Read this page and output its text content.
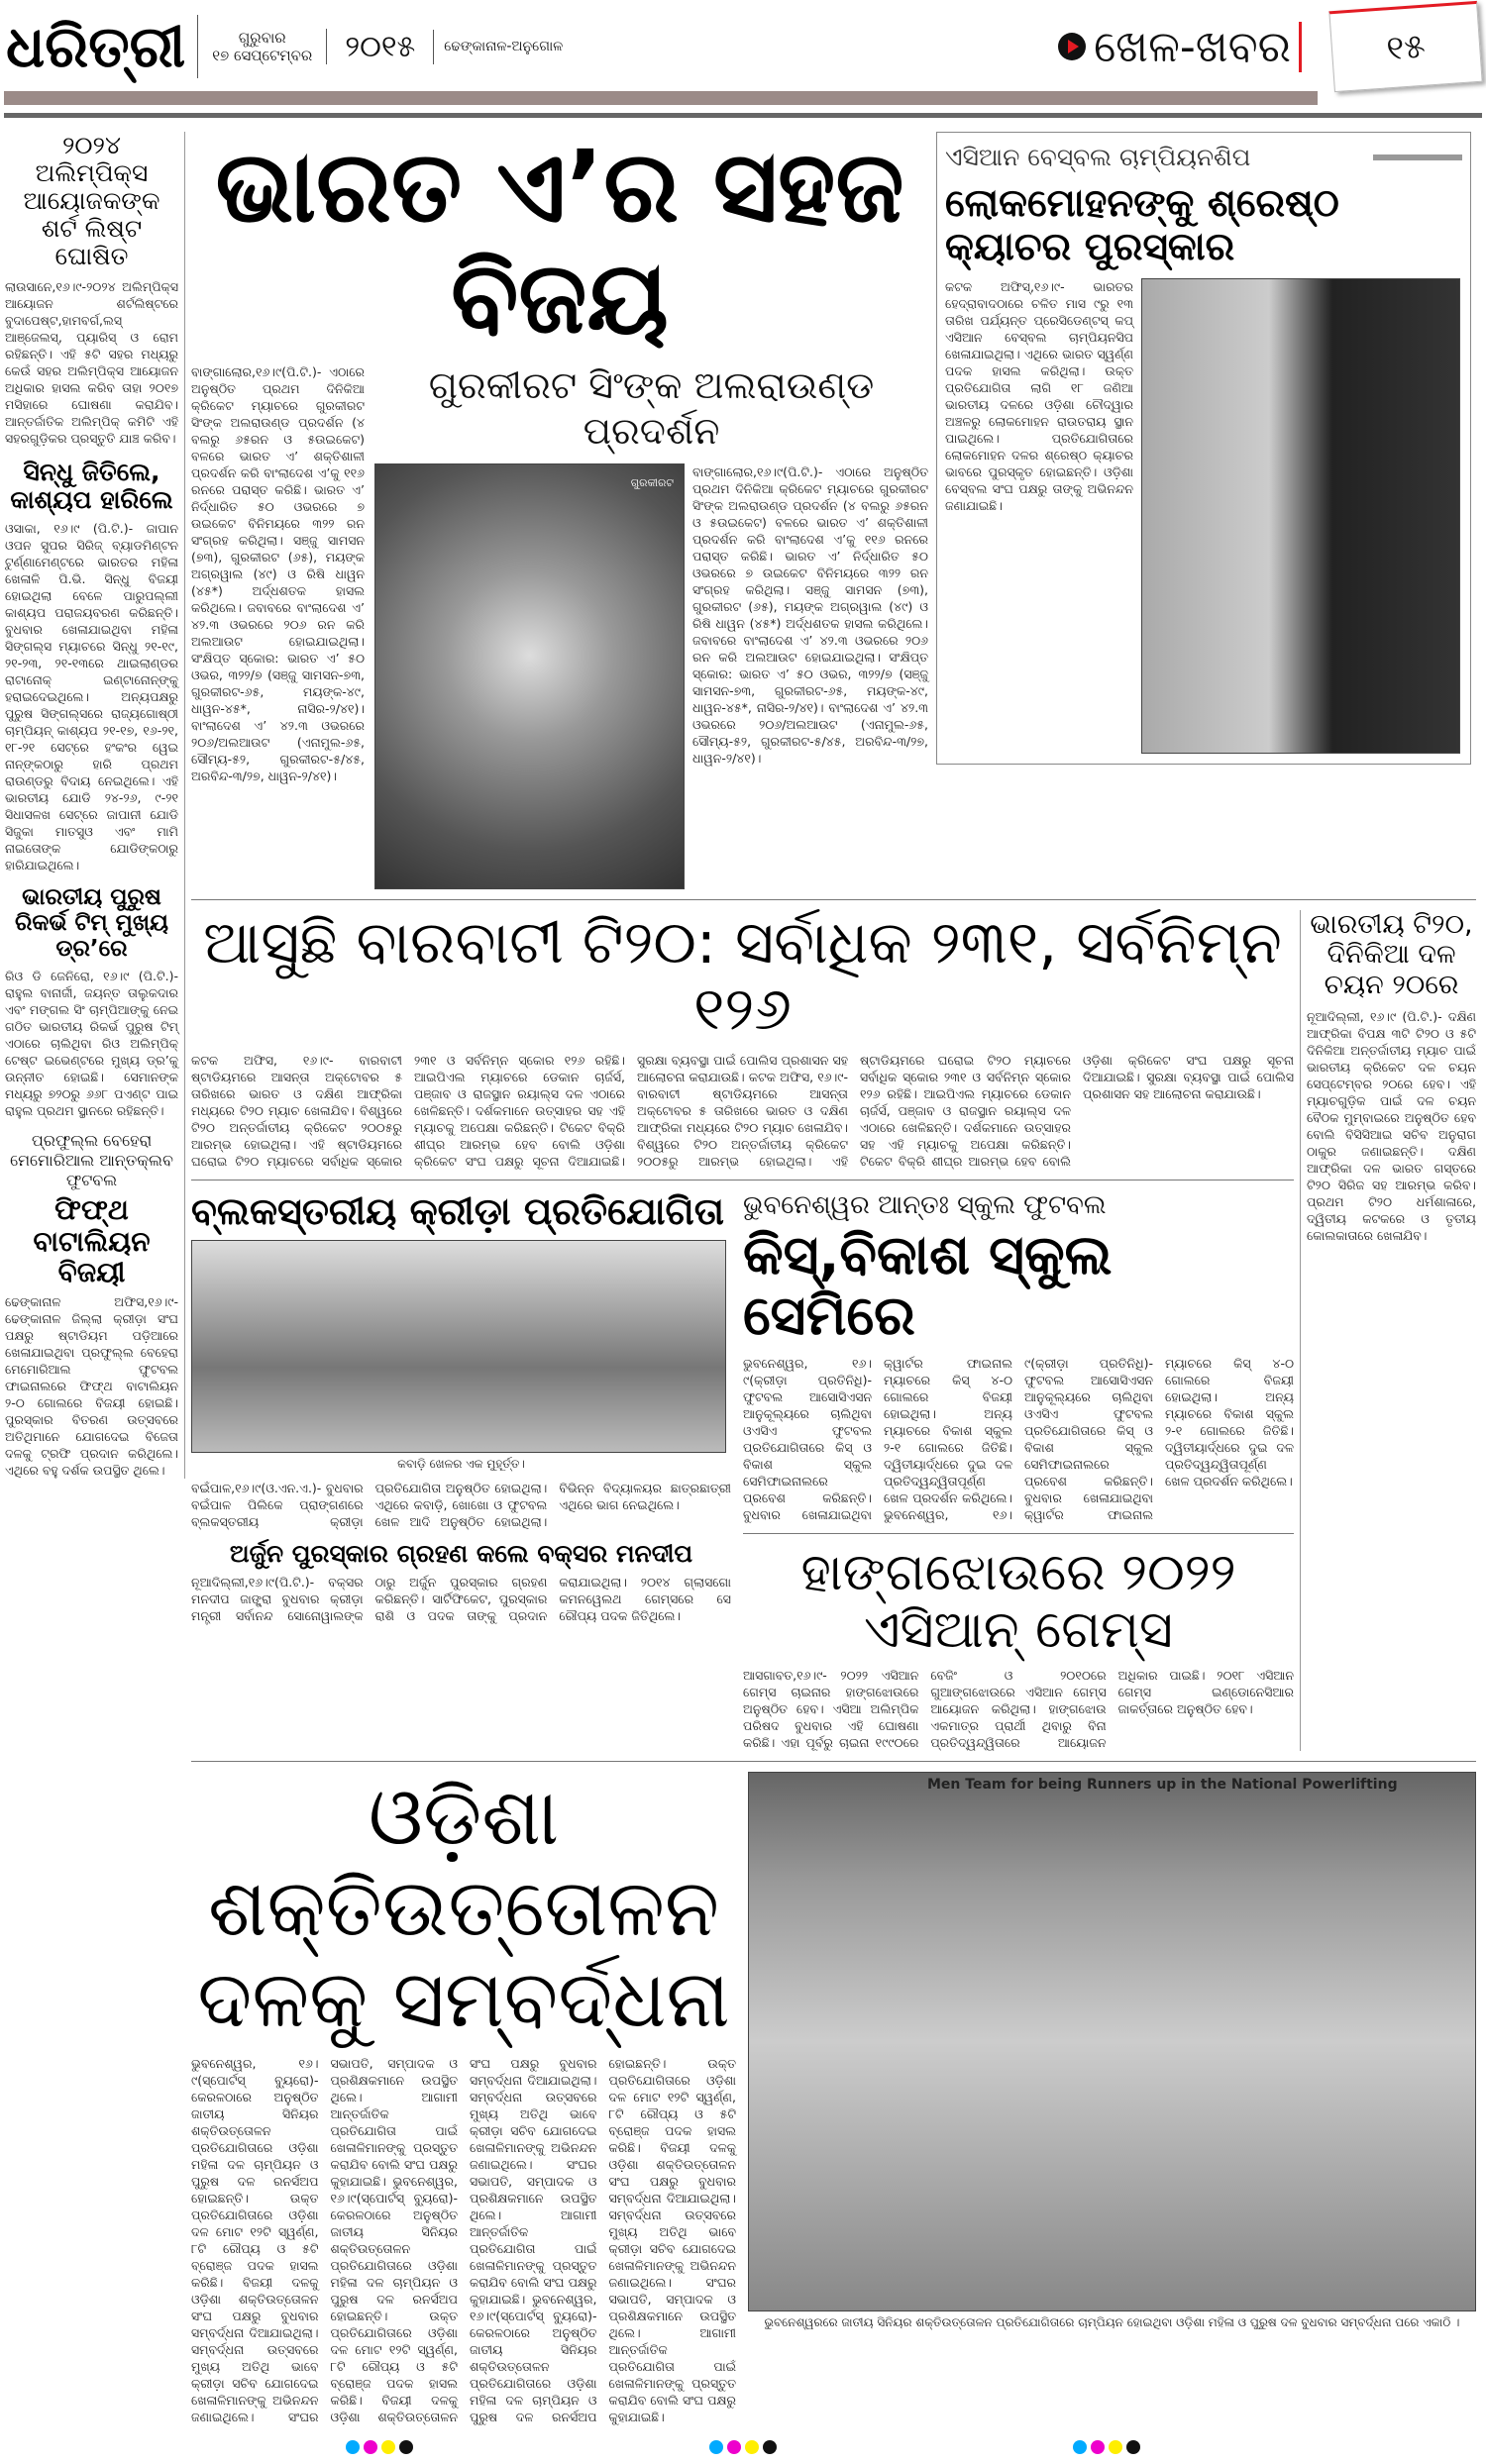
ଧରିତ୍ରୀ	ଗୁରୁବାର
୧୭ ସେପ୍ଟେମ୍ବର	୨୦୧୫	ଢେଙ୍କାନାଳ-ଅନୁଗୋଳ	ଖେଳ-ଖବର	୧୫
୨୦୨୪ ଅଲିମ୍ପିକ୍ସ ଆୟୋଜକଙ୍କ ଶର୍ଟ ଲିଷ୍ଟ ଘୋଷିତ
ଲାଉସାନେ,୧୬।୯-୨୦୨୪ ଅଲିମ୍ପିକ୍ସ ଆୟୋଜନ ଶର୍ଟଲିଷ୍ଟରେ ବୁଦାପେଷ୍ଟ,ହାମବର୍ଗ,ଲସ୍ ଆଞ୍ଜେଲସ୍, ପ୍ୟାରିସ୍ ଓ ରୋମ ରହିଛନ୍ତି। ଏହି ୫ଟି ସହର ମଧ୍ୟରୁ କେଉଁ ସହର ଅଲିମ୍ପିକ୍ସ ଆୟୋଜନ ଅଧିକାର ହାସଲ କରିବ ତାହା ୨୦୧୭ ମସିହାରେ ଘୋଷଣା କରାଯିବ। ଆନ୍ତର୍ଜାତିକ ଅଲିମ୍ପିକ୍ କମିଟି ଏହି ସହରଗୁଡ଼ିକର ପ୍ରସ୍ତୁତି ଯାଞ୍ଚ କରିବ।
ସିନ୍ଧୁ ଜିତିଲେ, କାଶ୍ୟପ ହାରିଲେ
ଓସାକା, ୧୬।୯ (ପି.ଟି.)- ଜାପାନ ଓପନ ସୁପର ସିରିଜ୍ ବ୍ୟାଡମିଣ୍ଟନ ଟୁର୍ଣ୍ଣାମେଣ୍ଟରେ ଭାରତର ମହିଳା ଖେଳାଳି ପି.ଭି. ସିନ୍ଧୁ ବିଜୟୀ ହୋଇଥିଲା ବେଳେ ପାରୁପଲ୍ଲୀ କାଶ୍ୟପ ପରାଜୟବରଣ କରିଛନ୍ତି। ବୁଧବାର ଖେଳାଯାଇଥିବା ମହିଳା ସିଙ୍ଗଲ୍ସ ମ୍ୟାଚରେ ସିନ୍ଧୁ ୨୧-୧୯, ୨୧-୨୩, ୨୧-୧୩ରେ ଥାଇଲାଣ୍ଡର ରାଟାନୋକ୍ ଇଣ୍ଟାନୋନ୍‌ଙ୍କୁ ହରାଇଦେଇଥିଲେ। ଅନ୍ୟପକ୍ଷରୁ ପୁରୁଷ ସିଙ୍ଗଲ୍ସରେ ରାଜ୍ୟଗୋଷ୍ଠୀ ଚାମ୍ପିୟନ୍ କାଶ୍ୟପ ୨୧-୧୭, ୧୬-୨୧, ୧୮-୨୧ ସେଟ୍‌ରେ ହଂକଂର ୱେଇ ନାନ୍‌ଙ୍କଠାରୁ ହାରି ପ୍ରଥମ ରାଉଣ୍ଡରୁ ବିଦାୟ ନେଇଥିଲେ। ଏହି ଭାରତୀୟ ଯୋଡି ୨୪-୨୬, ୯-୨୧ ସିଧାସଳଖ ସେଟ୍‌ରେ ଜାପାନୀ ଯୋଡି ସିଜୁକା ମାତସୁଓ ଏବଂ ମାମି ନାଇତୋଙ୍କ ଯୋଡିଙ୍କଠାରୁ ହାରିଯାଇଥିଲେ।
ଭାରତୀୟ ପୁରୁଷ ରିକର୍ଭ ଟିମ୍ ମୁଖ୍ୟ ଡ୍ର’ରେ
ରିଓ ଡି ଜେନିରୋ, ୧୬।୯ (ପି.ଟି.)- ରାହୁଲ ବାନାର୍ଜୀ, ଜୟନ୍ତ ତାଲୁକଦାର ଏବଂ ମଙ୍ଗଲ ସିଂ ଚାମ୍ପିଆଙ୍କୁ ନେଇ ଗଠିତ ଭାରତୀୟ ରିକର୍ଭ ପୁରୁଷ ଟିମ୍ ଏଠାରେ ଚାଲିଥିବା ରିଓ ଅଲିମ୍ପିକ୍ ଟେଷ୍ଟ ଇଭେଣ୍ଟରେ ମୁଖ୍ୟ ଡ୍ର’କୁ ଉନ୍ନୀତ ହୋଇଛି। ସେମାନଙ୍କ ମଧ୍ୟରୁ ୭୨୦ରୁ ୬୬୮ ପଏଣ୍ଟ ପାଇ ରାହୁଲ ପ୍ରଥମ ସ୍ଥାନରେ ରହିଛନ୍ତି।
ପ୍ରଫୁଲ୍ଲ ବେହେରା ମେମୋରିଆଲ ଆନ୍ତକ୍ଲବ ଫୁଟବଲ
ଫିଫ୍ଥ ବାଟାଲିୟନ ବିଜୟୀ
ଢେଙ୍କାନାଳ ଅଫିସ,୧୬।୯- ଢେଙ୍କାନାଳ ଜିଲ୍ଲା କ୍ରୀଡ଼ା ସଂଘ ପକ୍ଷରୁ ଷ୍ଟାଡିୟମ ପଡ଼ିଆରେ ଖେଳାଯାଇଥିବା ପ୍ରଫୁଲ୍ଲ ବେହେରା ମେମୋରିଆଲ ଫୁଟବଲ ଫାଇନାଲରେ ଫିଫ୍ଥ ବାଟାଲିୟନ ୨-୦ ଗୋଲରେ ବିଜୟୀ ହୋଇଛି। ପୁରସ୍କାର ବିତରଣ ଉତ୍ସବରେ ଅତିଥିମାନେ ଯୋଗଦେଇ ବିଜେତା ଦଳକୁ ଟ୍ରଫି ପ୍ରଦାନ କରିଥିଲେ। ଏଥିରେ ବହୁ ଦର୍ଶକ ଉପସ୍ଥିତ ଥିଲେ।
ଭାରତ ଏ’ର ସହଜ ବିଜୟ
ବାଙ୍ଗାଲୋର,୧୬।୯(ପି.ଟି.)- ଏଠାରେ ଅନୁଷ୍ଠିତ ପ୍ରଥମ ଦିନିକିଆ କ୍ରିକେଟ ମ୍ୟାଚରେ ଗୁରକୀରଟ ସିଂଙ୍କ ଅଲରାଉଣ୍ଡ ପ୍ରଦର୍ଶନ (୪ ବଲରୁ ୬୫ରନ ଓ ୫ଉଇକେଟ) ବଳରେ ଭାରତ ଏ’ ଶକ୍ତିଶାଳୀ ପ୍ରଦର୍ଶନ କରି ବାଂଲାଦେଶ ଏ’କୁ ୧୧୬ ରନରେ ପରାସ୍ତ କରିଛି। ଭାରତ ଏ’ ନିର୍ଦ୍ଧାରିତ ୫୦ ଓଭରରେ ୭ ଉଇକେଟ ବିନିମୟରେ ୩୨୨ ରନ ସଂଗ୍ରହ କରିଥିଲା। ସଞ୍ଜୁ ସାମସନ (୭୩), ଗୁରକୀରଟ (୬୫), ମୟଙ୍କ ଅଗ୍ରୱାଲ (୪୯) ଓ ରିଷି ଧାୱନ (୪୫*) ଅର୍ଦ୍ଧଶତକ ହାସଲ କରିଥିଲେ। ଜବାବରେ ବାଂଲାଦେଶ ଏ’ ୪୨.୩ ଓଭରରେ ୨୦୬ ରନ କରି ଅଲଆଉଟ ହୋଇଯାଇଥିଲା। ସଂକ୍ଷିପ୍ତ ସ୍କୋର: ଭାରତ ଏ’ ୫୦ ଓଭର, ୩୨୨/୭ (ସଞ୍ଜୁ ସାମସନ-୭୩, ଗୁରକୀରଟ-୬୫, ମୟଙ୍କ-୪୯, ଧାୱନ-୪୫*, ନାସିର-୨/୪୧)। ବାଂଲାଦେଶ ଏ’ ୪୨.୩ ଓଭରରେ ୨୦୬/ଅଲଆଉଟ (ଏନାମୁଲ-୬୫, ସୌମ୍ୟ-୫୨, ଗୁରକୀରଟ-୫/୪୫, ଅରବିନ୍ଦ-୩/୨୭, ଧାୱନ-୨/୪୧)।
ଗୁରକୀରଟ ସିଂଙ୍କ ଅଲରାଉଣ୍ଡ ପ୍ରଦର୍ଶନ
ଗୁରକୀରଟ
ବାଙ୍ଗାଲୋର,୧୬।୯(ପି.ଟି.)- ଏଠାରେ ଅନୁଷ୍ଠିତ ପ୍ରଥମ ଦିନିକିଆ କ୍ରିକେଟ ମ୍ୟାଚରେ ଗୁରକୀରଟ ସିଂଙ୍କ ଅଲରାଉଣ୍ଡ ପ୍ରଦର୍ଶନ (୪ ବଲରୁ ୬୫ରନ ଓ ୫ଉଇକେଟ) ବଳରେ ଭାରତ ଏ’ ଶକ୍ତିଶାଳୀ ପ୍ରଦର୍ଶନ କରି ବାଂଲାଦେଶ ଏ’କୁ ୧୧୬ ରନରେ ପରାସ୍ତ କରିଛି। ଭାରତ ଏ’ ନିର୍ଦ୍ଧାରିତ ୫୦ ଓଭରରେ ୭ ଉଇକେଟ ବିନିମୟରେ ୩୨୨ ରନ ସଂଗ୍ରହ କରିଥିଲା। ସଞ୍ଜୁ ସାମସନ (୭୩), ଗୁରକୀରଟ (୬୫), ମୟଙ୍କ ଅଗ୍ରୱାଲ (୪୯) ଓ ରିଷି ଧାୱନ (୪୫*) ଅର୍ଦ୍ଧଶତକ ହାସଲ କରିଥିଲେ। ଜବାବରେ ବାଂଲାଦେଶ ଏ’ ୪୨.୩ ଓଭରରେ ୨୦୬ ରନ କରି ଅଲଆଉଟ ହୋଇଯାଇଥିଲା। ସଂକ୍ଷିପ୍ତ ସ୍କୋର: ଭାରତ ଏ’ ୫୦ ଓଭର, ୩୨୨/୭ (ସଞ୍ଜୁ ସାମସନ-୭୩, ଗୁରକୀରଟ-୬୫, ମୟଙ୍କ-୪୯, ଧାୱନ-୪୫*, ନାସିର-୨/୪୧)। ବାଂଲାଦେଶ ଏ’ ୪୨.୩ ଓଭରରେ ୨୦୬/ଅଲଆଉଟ (ଏନାମୁଲ-୬୫, ସୌମ୍ୟ-୫୨, ଗୁରକୀରଟ-୫/୪୫, ଅରବିନ୍ଦ-୩/୨୭, ଧାୱନ-୨/୪୧)।
ଏସିଆନ ବେସ୍‌ବଲ ଚାମ୍ପିୟନଶିପ
ଲୋକମୋହନଙ୍କୁ ଶ୍ରେଷ୍ଠ କ୍ୟାଚର ପୁରସ୍କାର
କଟକ ଅଫିସ୍,୧୬।୯- ଭାରତର ହେଦ୍ରାବାଦଠାରେ ଚଳିତ ମାସ ୯ରୁ ୧୩ ତାରିଖ ପର୍ଯ୍ୟନ୍ତ ପ୍ରେସିଡେଣ୍ଟସ୍ କପ୍ ଏସିଆନ ବେସ୍‌ବଲ ଚାମ୍ପିୟନସିପ ଖେଳାଯାଇଥିଲା। ଏଥିରେ ଭାରତ ସ୍ୱର୍ଣ୍ଣ ପଦକ ହାସଲ କରିଥିଲା। ଉକ୍ତ ପ୍ରତିଯୋଗିତା ଲାଗି ୧୮ ଜଣିଆ ଭାରତୀୟ ଦଳରେ ଓଡ଼ିଶା ଚୌଦ୍ୱାର ଅଞ୍ଚଳରୁ ଲୋକମୋହନ ରାଉତରାୟ ସ୍ଥାନ ପାଇଥିଲେ। ପ୍ରତିଯୋଗିତାରେ ଲୋକମୋହନ ଦଳର ଶ୍ରେଷ୍ଠ କ୍ୟାଚର ଭାବରେ ପୁରସ୍କୃତ ହୋଇଛନ୍ତି। ଓଡ଼ିଶା ବେସ୍‌ବଲ ସଂଘ ପକ୍ଷରୁ ତାଙ୍କୁ ଅଭିନନ୍ଦନ ଜଣାଯାଇଛି।
ଆସୁଛି ବାରବାଟୀ ଟି୨୦: ସର୍ବାଧିକ ୨୩୧, ସର୍ବନିମ୍ନ ୧୨୬
କଟକ ଅଫିସ, ୧୬।୯- ବାରବାଟୀ ଷ୍ଟାଡିୟମରେ ଆସନ୍ତା ଅକ୍ଟୋବର ୫ ତାରିଖରେ ଭାରତ ଓ ଦକ୍ଷିଣ ଆଫ୍ରିକା ମଧ୍ୟରେ ଟି୨୦ ମ୍ୟାଚ ଖେଳାଯିବ। ବିଶ୍ୱରେ ଟି୨୦ ଅନ୍ତର୍ଜାତୀୟ କ୍ରିକେଟ ୨୦୦୫ରୁ ଆରମ୍ଭ ହୋଇଥିଲା। ଏହି ଷ୍ଟାଡିୟମରେ ଘରୋଇ ଟି୨୦ ମ୍ୟାଚରେ ସର୍ବାଧିକ ସ୍କୋର ୨୩୧ ଓ ସର୍ବନିମ୍ନ ସ୍କୋର ୧୨୬ ରହିଛି। ଆଇପିଏଲ ମ୍ୟାଚରେ ଡେକାନ ଚାର୍ଜର୍ସ, ପଞ୍ଜାବ ଓ ରାଜସ୍ଥାନ ରୟାଲ୍ସ ଦଳ ଏଠାରେ ଖେଳିଛନ୍ତି। ଦର୍ଶକମାନେ ଉତ୍ସାହର ସହ ଏହି ମ୍ୟାଚକୁ ଅପେକ୍ଷା କରିଛନ୍ତି। ଟିକେଟ ବିକ୍ରି ଶୀଘ୍ର ଆରମ୍ଭ ହେବ ବୋଲି ଓଡ଼ିଶା କ୍ରିକେଟ ସଂଘ ପକ୍ଷରୁ ସୂଚନା ଦିଆଯାଇଛି। ସୁରକ୍ଷା ବ୍ୟବସ୍ଥା ପାଇଁ ପୋଲିସ ପ୍ରଶାସନ ସହ ଆଲୋଚନା କରାଯାଉଛି। କଟକ ଅଫିସ, ୧୬।୯- ବାରବାଟୀ ଷ୍ଟାଡିୟମରେ ଆସନ୍ତା ଅକ୍ଟୋବର ୫ ତାରିଖରେ ଭାରତ ଓ ଦକ୍ଷିଣ ଆଫ୍ରିକା ମଧ୍ୟରେ ଟି୨୦ ମ୍ୟାଚ ଖେଳାଯିବ। ବିଶ୍ୱରେ ଟି୨୦ ଅନ୍ତର୍ଜାତୀୟ କ୍ରିକେଟ ୨୦୦୫ରୁ ଆରମ୍ଭ ହୋଇଥିଲା। ଏହି ଷ୍ଟାଡିୟମରେ ଘରୋଇ ଟି୨୦ ମ୍ୟାଚରେ ସର୍ବାଧିକ ସ୍କୋର ୨୩୧ ଓ ସର୍ବନିମ୍ନ ସ୍କୋର ୧୨୬ ରହିଛି। ଆଇପିଏଲ ମ୍ୟାଚରେ ଡେକାନ ଚାର୍ଜର୍ସ, ପଞ୍ଜାବ ଓ ରାଜସ୍ଥାନ ରୟାଲ୍ସ ଦଳ ଏଠାରେ ଖେଳିଛନ୍ତି। ଦର୍ଶକମାନେ ଉତ୍ସାହର ସହ ଏହି ମ୍ୟାଚକୁ ଅପେକ୍ଷା କରିଛନ୍ତି। ଟିକେଟ ବିକ୍ରି ଶୀଘ୍ର ଆରମ୍ଭ ହେବ ବୋଲି ଓଡ଼ିଶା କ୍ରିକେଟ ସଂଘ ପକ୍ଷରୁ ସୂଚନା ଦିଆଯାଇଛି। ସୁରକ୍ଷା ବ୍ୟବସ୍ଥା ପାଇଁ ପୋଲିସ ପ୍ରଶାସନ ସହ ଆଲୋଚନା କରାଯାଉଛି।
ବ୍ଲକସ୍ତରୀୟ କ୍ରୀଡ଼ା ପ୍ରତିଯୋଗିତା
କବାଡ଼ି ଖେଳର ଏକ ମୁହୂର୍ତ୍ତ।
ବଇଁପାଳ,୧୬।୯(ଓ.ଏନ.ଏ.)- ବୁଧବାର ବଇଁପାଳ ପିଲିକେ ପ୍ରାଙ୍ଗଣରେ ବ୍ଲକସ୍ତରୀୟ କ୍ରୀଡ଼ା ପ୍ରତିଯୋଗିତା ଅନୁଷ୍ଠିତ ହୋଇଥିଲା। ଏଥିରେ କବାଡ଼ି, ଖୋଖୋ ଓ ଫୁଟବଲ ଖେଳ ଆଦି ଅନୁଷ୍ଠିତ ହୋଇଥିଲା। ବିଭିନ୍ନ ବିଦ୍ୟାଳୟର ଛାତ୍ରଛାତ୍ରୀ ଏଥିରେ ଭାଗ ନେଇଥିଲେ।
ଅର୍ଜୁନ ପୁରସ୍କାର ଗ୍ରହଣ କଲେ ବକ୍ସର ମନଦୀପ
ନୂଆଦିଲ୍ଲୀ,୧୬।୯(ପି.ଟି.)- ବକ୍ସର ମନଦୀପ ଜାଙ୍ଗ୍ରା ବୁଧବାର କ୍ରୀଡ଼ା ମନ୍ତ୍ରୀ ସର୍ବାନନ୍ଦ ସୋନୋୱାଲଙ୍କ ଠାରୁ ଅର୍ଜୁନ ପୁରସ୍କାର ଗ୍ରହଣ କରିଛନ୍ତି। ସାର୍ଟିଫିକେଟ, ପୁରସ୍କାର ରାଶି ଓ ପଦକ ତାଙ୍କୁ ପ୍ରଦାନ କରାଯାଇଥିଲା। ୨୦୧୪ ଗ୍ଲାସଗୋ କମନୱେଲଥ ଗେମ୍ସରେ ସେ ରୌପ୍ୟ ପଦକ ଜିତିଥିଲେ।
ଭୁବନେଶ୍ୱର ଆନ୍ତଃ ସ୍କୁଲ ଫୁଟବଲ
କିସ୍,ବିକାଶ ସ୍କୁଲ ସେମିରେ
ଭୁବନେଶ୍ୱର, ୧୬।୯(କ୍ରୀଡ଼ା ପ୍ରତିନିଧି)- ଫୁଟବଲ ଆସୋସିଏସନ ଆନୁକୂଲ୍ୟରେ ଚାଲିଥିବା ଓଏସିଏ ଫୁଟବଲ ପ୍ରତିଯୋଗିତାରେ କିସ୍ ଓ ବିକାଶ ସ୍କୁଲ ସେମିଫାଇନାଲରେ ପ୍ରବେଶ କରିଛନ୍ତି। ବୁଧବାର ଖେଳାଯାଇଥିବା କ୍ୱାର୍ଟର ଫାଇନାଲ ମ୍ୟାଚରେ କିସ୍ ୪-୦ ଗୋଲରେ ବିଜୟୀ ହୋଇଥିଲା। ଅନ୍ୟ ମ୍ୟାଚରେ ବିକାଶ ସ୍କୁଲ ୨-୧ ଗୋଲରେ ଜିତିଛି। ଦ୍ୱିତୀୟାର୍ଦ୍ଧରେ ଦୁଇ ଦଳ ପ୍ରତିଦ୍ୱନ୍ଦ୍ୱିତାପୂର୍ଣ୍ଣ ଖେଳ ପ୍ରଦର୍ଶନ କରିଥିଲେ। ଭୁବନେଶ୍ୱର, ୧୬।୯(କ୍ରୀଡ଼ା ପ୍ରତିନିଧି)- ଫୁଟବଲ ଆସୋସିଏସନ ଆନୁକୂଲ୍ୟରେ ଚାଲିଥିବା ଓଏସିଏ ଫୁଟବଲ ପ୍ରତିଯୋଗିତାରେ କିସ୍ ଓ ବିକାଶ ସ୍କୁଲ ସେମିଫାଇନାଲରେ ପ୍ରବେଶ କରିଛନ୍ତି। ବୁଧବାର ଖେଳାଯାଇଥିବା କ୍ୱାର୍ଟର ଫାଇନାଲ ମ୍ୟାଚରେ କିସ୍ ୪-୦ ଗୋଲରେ ବିଜୟୀ ହୋଇଥିଲା। ଅନ୍ୟ ମ୍ୟାଚରେ ବିକାଶ ସ୍କୁଲ ୨-୧ ଗୋଲରେ ଜିତିଛି। ଦ୍ୱିତୀୟାର୍ଦ୍ଧରେ ଦୁଇ ଦଳ ପ୍ରତିଦ୍ୱନ୍ଦ୍ୱିତାପୂର୍ଣ୍ଣ ଖେଳ ପ୍ରଦର୍ଶନ କରିଥିଲେ।
ହାଙ୍ଗଝୋଉରେ ୨୦୨୨ ଏସିଆନ୍ ଗେମ୍ସ
ଆସଗାବତ,୧୬।୯- ୨୦୨୨ ଏସିଆନ ଗେମ୍ସ ଚାଇନାର ହାଙ୍ଗଝୋଉରେ ଅନୁଷ୍ଠିତ ହେବ। ଏସିଆ ଅଲିମ୍ପିକ ପରିଷଦ ବୁଧବାର ଏହି ଘୋଷଣା କରିଛି। ଏହା ପୂର୍ବରୁ ଚାଇନା ୧୯୯୦ରେ ବେଜିଂ ଓ ୨୦୧୦ରେ ଗୁଆଙ୍ଗଝୋଉରେ ଏସିଆନ ଗେମ୍ସ ଆୟୋଜନ କରିଥିଲା। ହାଙ୍ଗଝୋଉ ଏକମାତ୍ର ପ୍ରାର୍ଥୀ ଥିବାରୁ ବିନା ପ୍ରତିଦ୍ୱନ୍ଦ୍ୱିତାରେ ଆୟୋଜନ ଅଧିକାର ପାଇଛି। ୨୦୧୮ ଏସିଆନ ଗେମ୍ସ ଇଣ୍ଡୋନେସିଆର ଜାକର୍ତ୍ତାରେ ଅନୁଷ୍ଠିତ ହେବ।
ଭାରତୀୟ ଟି୨୦, ଦିନିକିଆ ଦଳ ଚୟନ ୨୦ରେ
ନୂଆଦିଲ୍ଲୀ, ୧୬।୯ (ପି.ଟି.)- ଦକ୍ଷିଣ ଆଫ୍ରିକା ବିପକ୍ଷ ୩ଟି ଟି୨୦ ଓ ୫ଟି ଦିନିକିଆ ଅନ୍ତର୍ଜାତୀୟ ମ୍ୟାଚ ପାଇଁ ଭାରତୀୟ କ୍ରିକେଟ ଦଳ ଚୟନ ସେପ୍ଟେମ୍ବର ୨୦ରେ ହେବ। ଏହି ମ୍ୟାଚଗୁଡ଼ିକ ପାଇଁ ଦଳ ଚୟନ ବୈଠକ ମୁମ୍ବାଇରେ ଅନୁଷ୍ଠିତ ହେବ ବୋଲି ବିସିସିଆଇ ସଚିବ ଅନୁରାଗ ଠାକୁର ଜଣାଇଛନ୍ତି। ଦକ୍ଷିଣ ଆଫ୍ରିକା ଦଳ ଭାରତ ଗସ୍ତରେ ଟି୨୦ ସିରିଜ ସହ ଆରମ୍ଭ କରିବ। ପ୍ରଥମ ଟି୨୦ ଧର୍ମଶାଳାରେ, ଦ୍ୱିତୀୟ କଟକରେ ଓ ତୃତୀୟ କୋଲକାତାରେ ଖେଳାଯିବ।
ଓଡ଼ିଶା ଶକ୍ତିଉତ୍ତୋଳନ ଦଳକୁ ସମ୍ବର୍ଦ୍ଧନା
ଭୁବନେଶ୍ୱର, ୧୬।୯(ସ୍ପୋର୍ଟସ୍ ବ୍ୟୁରୋ)- କେରଳଠାରେ ଅନୁଷ୍ଠିତ ଜାତୀୟ ସିନିୟର ଶକ୍ତିଉତ୍ତୋଳନ ପ୍ରତିଯୋଗିତାରେ ଓଡ଼ିଶା ମହିଳା ଦଳ ଚାମ୍ପିୟନ ଓ ପୁରୁଷ ଦଳ ରନର୍ସଅପ ହୋଇଛନ୍ତି। ଉକ୍ତ ପ୍ରତିଯୋଗିତାରେ ଓଡ଼ିଶା ଦଳ ମୋଟ ୧୨ଟି ସ୍ୱର୍ଣ୍ଣ, ୮ଟି ରୌପ୍ୟ ଓ ୫ଟି ବ୍ରୋଞ୍ଜ ପଦକ ହାସଲ କରିଛି। ବିଜୟୀ ଦଳକୁ ଓଡ଼ିଶା ଶକ୍ତିଉତ୍ତୋଳନ ସଂଘ ପକ୍ଷରୁ ବୁଧବାର ସମ୍ବର୍ଦ୍ଧନା ଦିଆଯାଇଥିଲା। ସମ୍ବର୍ଦ୍ଧନା ଉତ୍ସବରେ ମୁଖ୍ୟ ଅତିଥି ଭାବେ କ୍ରୀଡ଼ା ସଚିବ ଯୋଗଦେଇ ଖେଳାଳିମାନଙ୍କୁ ଅଭିନନ୍ଦନ ଜଣାଇଥିଲେ। ସଂଘର ସଭାପତି, ସମ୍ପାଦକ ଓ ପ୍ରଶିକ୍ଷକମାନେ ଉପସ୍ଥିତ ଥିଲେ। ଆଗାମୀ ଆନ୍ତର୍ଜାତିକ ପ୍ରତିଯୋଗିତା ପାଇଁ ଖେଳାଳିମାନଙ୍କୁ ପ୍ରସ୍ତୁତ କରାଯିବ ବୋଲି ସଂଘ ପକ୍ଷରୁ କୁହାଯାଇଛି। ଭୁବନେଶ୍ୱର, ୧୬।୯(ସ୍ପୋର୍ଟସ୍ ବ୍ୟୁରୋ)- କେରଳଠାରେ ଅନୁଷ୍ଠିତ ଜାତୀୟ ସିନିୟର ଶକ୍ତିଉତ୍ତୋଳନ ପ୍ରତିଯୋଗିତାରେ ଓଡ଼ିଶା ମହିଳା ଦଳ ଚାମ୍ପିୟନ ଓ ପୁରୁଷ ଦଳ ରନର୍ସଅପ ହୋଇଛନ୍ତି। ଉକ୍ତ ପ୍ରତିଯୋଗିତାରେ ଓଡ଼ିଶା ଦଳ ମୋଟ ୧୨ଟି ସ୍ୱର୍ଣ୍ଣ, ୮ଟି ରୌପ୍ୟ ଓ ୫ଟି ବ୍ରୋଞ୍ଜ ପଦକ ହାସଲ କରିଛି। ବିଜୟୀ ଦଳକୁ ଓଡ଼ିଶା ଶକ୍ତିଉତ୍ତୋଳନ ସଂଘ ପକ୍ଷରୁ ବୁଧବାର ସମ୍ବର୍ଦ୍ଧନା ଦିଆଯାଇଥିଲା। ସମ୍ବର୍ଦ୍ଧନା ଉତ୍ସବରେ ମୁଖ୍ୟ ଅତିଥି ଭାବେ କ୍ରୀଡ଼ା ସଚିବ ଯୋଗଦେଇ ଖେଳାଳିମାନଙ୍କୁ ଅଭିନନ୍ଦନ ଜଣାଇଥିଲେ। ସଂଘର ସଭାପତି, ସମ୍ପାଦକ ଓ ପ୍ରଶିକ୍ଷକମାନେ ଉପସ୍ଥିତ ଥିଲେ। ଆଗାମୀ ଆନ୍ତର୍ଜାତିକ ପ୍ରତିଯୋଗିତା ପାଇଁ ଖେଳାଳିମାନଙ୍କୁ ପ୍ରସ୍ତୁତ କରାଯିବ ବୋଲି ସଂଘ ପକ୍ଷରୁ କୁହାଯାଇଛି। ଭୁବନେଶ୍ୱର, ୧୬।୯(ସ୍ପୋର୍ଟସ୍ ବ୍ୟୁରୋ)- କେରଳଠାରେ ଅନୁଷ୍ଠିତ ଜାତୀୟ ସିନିୟର ଶକ୍ତିଉତ୍ତୋଳନ ପ୍ରତିଯୋଗିତାରେ ଓଡ଼ିଶା ମହିଳା ଦଳ ଚାମ୍ପିୟନ ଓ ପୁରୁଷ ଦଳ ରନର୍ସଅପ ହୋଇଛନ୍ତି। ଉକ୍ତ ପ୍ରତିଯୋଗିତାରେ ଓଡ଼ିଶା ଦଳ ମୋଟ ୧୨ଟି ସ୍ୱର୍ଣ୍ଣ, ୮ଟି ରୌପ୍ୟ ଓ ୫ଟି ବ୍ରୋଞ୍ଜ ପଦକ ହାସଲ କରିଛି। ବିଜୟୀ ଦଳକୁ ଓଡ଼ିଶା ଶକ୍ତିଉତ୍ତୋଳନ ସଂଘ ପକ୍ଷରୁ ବୁଧବାର ସମ୍ବର୍ଦ୍ଧନା ଦିଆଯାଇଥିଲା। ସମ୍ବର୍ଦ୍ଧନା ଉତ୍ସବରେ ମୁଖ୍ୟ ଅତିଥି ଭାବେ କ୍ରୀଡ଼ା ସଚିବ ଯୋଗଦେଇ ଖେଳାଳିମାନଙ୍କୁ ଅଭିନନ୍ଦନ ଜଣାଇଥିଲେ। ସଂଘର ସଭାପତି, ସମ୍ପାଦକ ଓ ପ୍ରଶିକ୍ଷକମାନେ ଉପସ୍ଥିତ ଥିଲେ। ଆଗାମୀ ଆନ୍ତର୍ଜାତିକ ପ୍ରତିଯୋଗିତା ପାଇଁ ଖେଳାଳିମାନଙ୍କୁ ପ୍ରସ୍ତୁତ କରାଯିବ ବୋଲି ସଂଘ ପକ୍ଷରୁ କୁହାଯାଇଛି।
Men Team for being Runners up in the National Powerlifting
ଭୁବନେଶ୍ୱରରେ ଜାତୀୟ ସିନିୟର ଶକ୍ତିଉତ୍ତୋଳନ ପ୍ରତିଯୋଗିତାରେ ଚାମ୍ପିୟନ ହୋଇଥିବା ଓଡ଼ିଶା ମହିଳା ଓ ପୁରୁଷ ଦଳ ବୁଧବାର ସମ୍ବର୍ଦ୍ଧନା ପରେ ଏକାଠି ।
